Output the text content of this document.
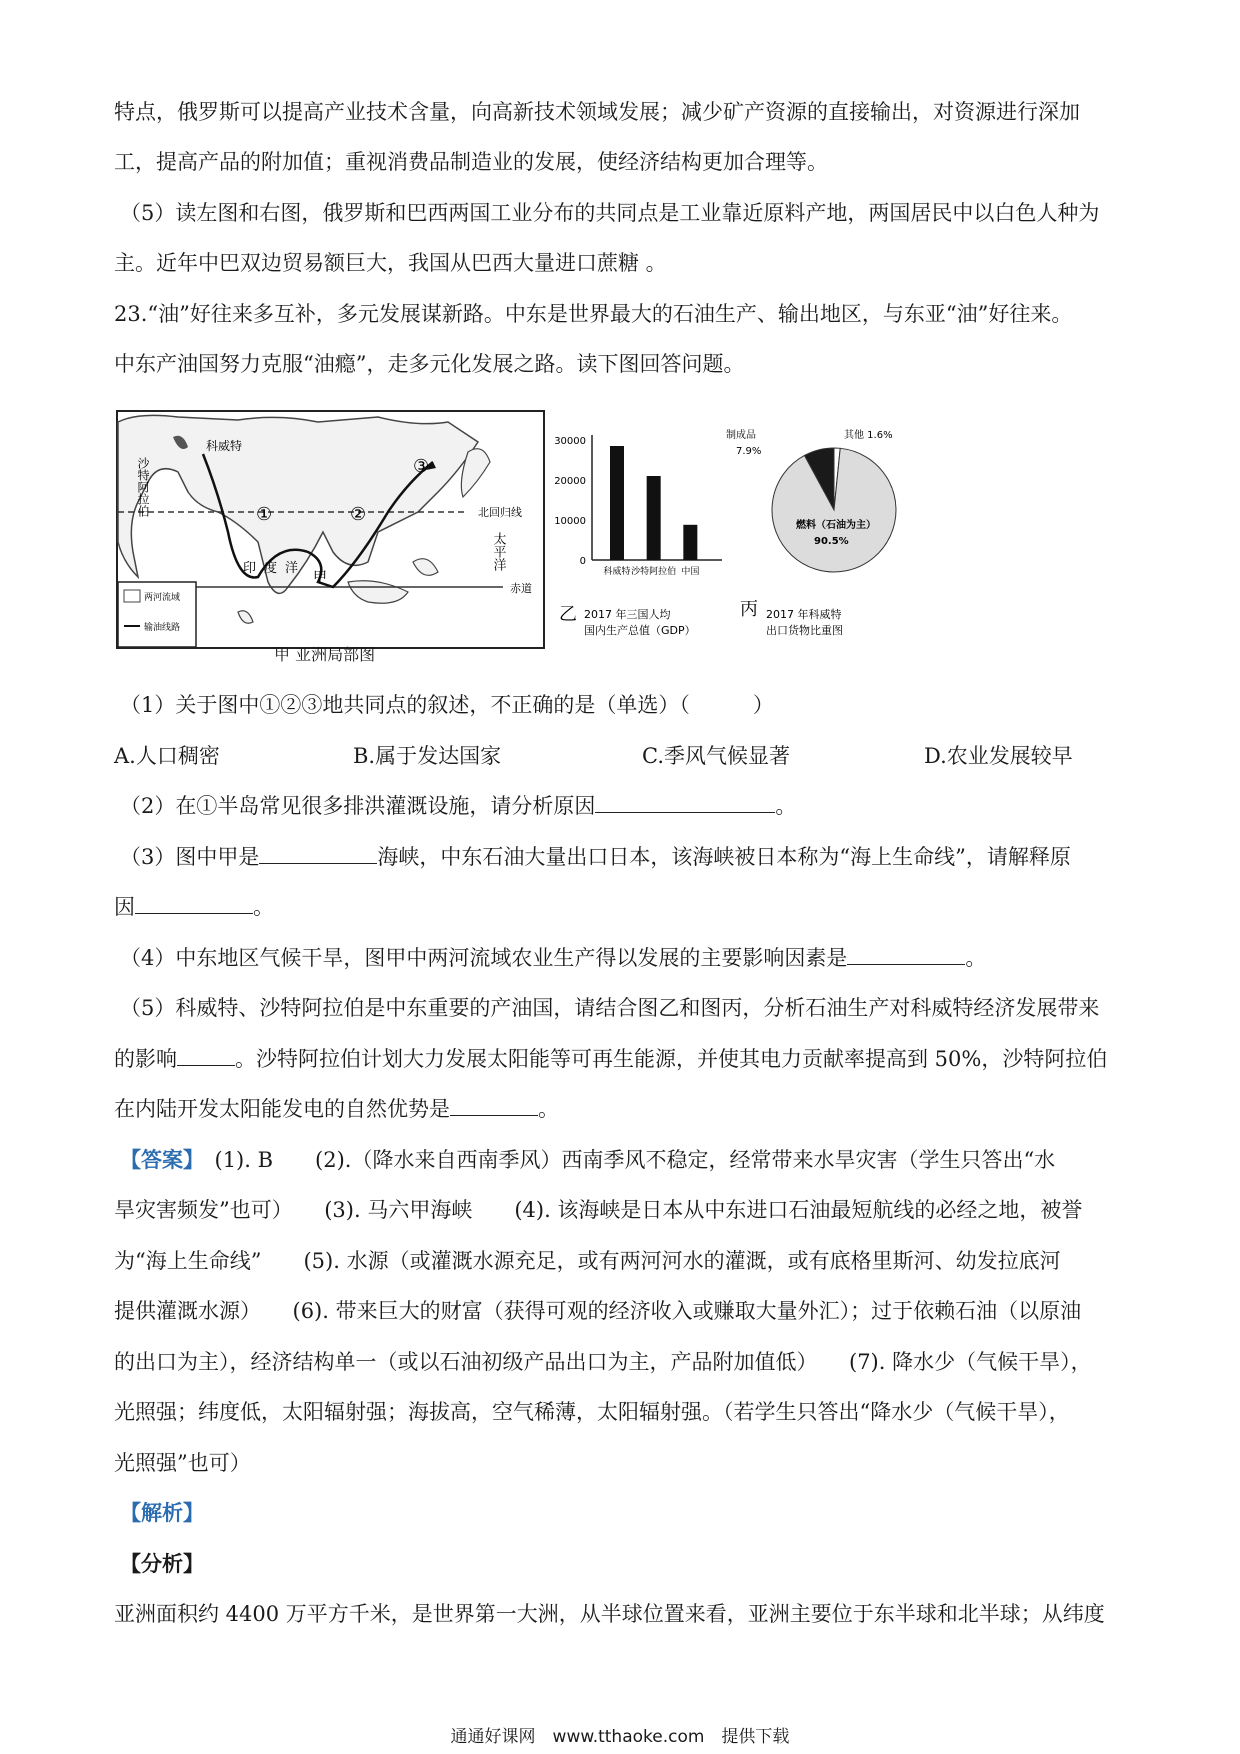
特点，俄罗斯可以提高产业技术含量，向高新技术领域发展；减少矿产资源的直接输出，对资源进行深加
工，提高产品的附加值；重视消费品制造业的发展，使经济结构更加合理等。
（5）读左图和右图，俄罗斯和巴西两国工业分布的共同点是工业靠近原料产地，两国居民中以白色人种为
主。近年中巴双边贸易额巨大，我国从巴西大量进口蔗糖 。
23.“油”好往来多互补，多元发展谋新路。中东是世界最大的石油生产、输出地区，与东亚“油”好往来。
中东产油国努力克服“油瘾”，走多元化发展之路。读下图回答问题。
科威特
沙特阿拉伯	北回归线
太平洋
印度洋
赤道
甲
①	②
③
两河流域
输油线路
甲 亚洲局部图
30000
20000
10000
0
科威特 沙特阿拉伯 中国
乙 2017 年三国人均
国内生产总值（GDP）
制成品
7.9%
其他 1.6%
燃料（石油为主）
90.5%
丙 2017 年科威特
出口货物比重图
（1）关于图中①②③地共同点的叙述，不正确的是（单选）（　　　）
A.人口稠密	B.属于发达国家	C.季风气候显著	D.农业发展较早
（2）在①半岛常见很多排洪灌溉设施，请分析原因	。
（3）图中甲是	海峡，中东石油大量出口日本，该海峡被日本称为“海上生命线”，请解释原
因	。
（4）中东地区气候干旱，图甲中两河流域农业生产得以发展的主要影响因素是	。
（5）科威特、沙特阿拉伯是中东重要的产油国，请结合图乙和图丙，分析石油生产对科威特经济发展带来
的影响	。沙特阿拉伯计划大力发展太阳能等可再生能源，并使其电力贡献率提高到 50%，沙特阿拉伯
在内陆开发太阳能发电的自然优势是	。
【答案】　 (1). B　　(2).（降水来自西南季风）西南季风不稳定，经常带来水旱灾害（学生只答出“水
旱灾害频发”也可）　　(3). 马六甲海峡　　(4). 该海峡是日本从中东进口石油最短航线的必经之地，被誉
为“海上生命线”　　(5). 水源（或灌溉水源充足，或有两河河水的灌溉，或有底格里斯河、幼发拉底河
提供灌溉水源）　　(6). 带来巨大的财富（获得可观的经济收入或赚取大量外汇）；过于依赖石油（以原油
的出口为主），经济结构单一（或以石油初级产品出口为主，产品附加值低）　　(7). 降水少（气候干旱），
光照强；纬度低，太阳辐射强；海拔高，空气稀薄，太阳辐射强。（若学生只答出“降水少（气候干旱），
光照强”也可）
【解析】
【分析】
亚洲面积约 4400 万平方千米，是世界第一大洲，从半球位置来看，亚洲主要位于东半球和北半球；从纬度
通通好课网　www.tthaoke.com　提供下载
